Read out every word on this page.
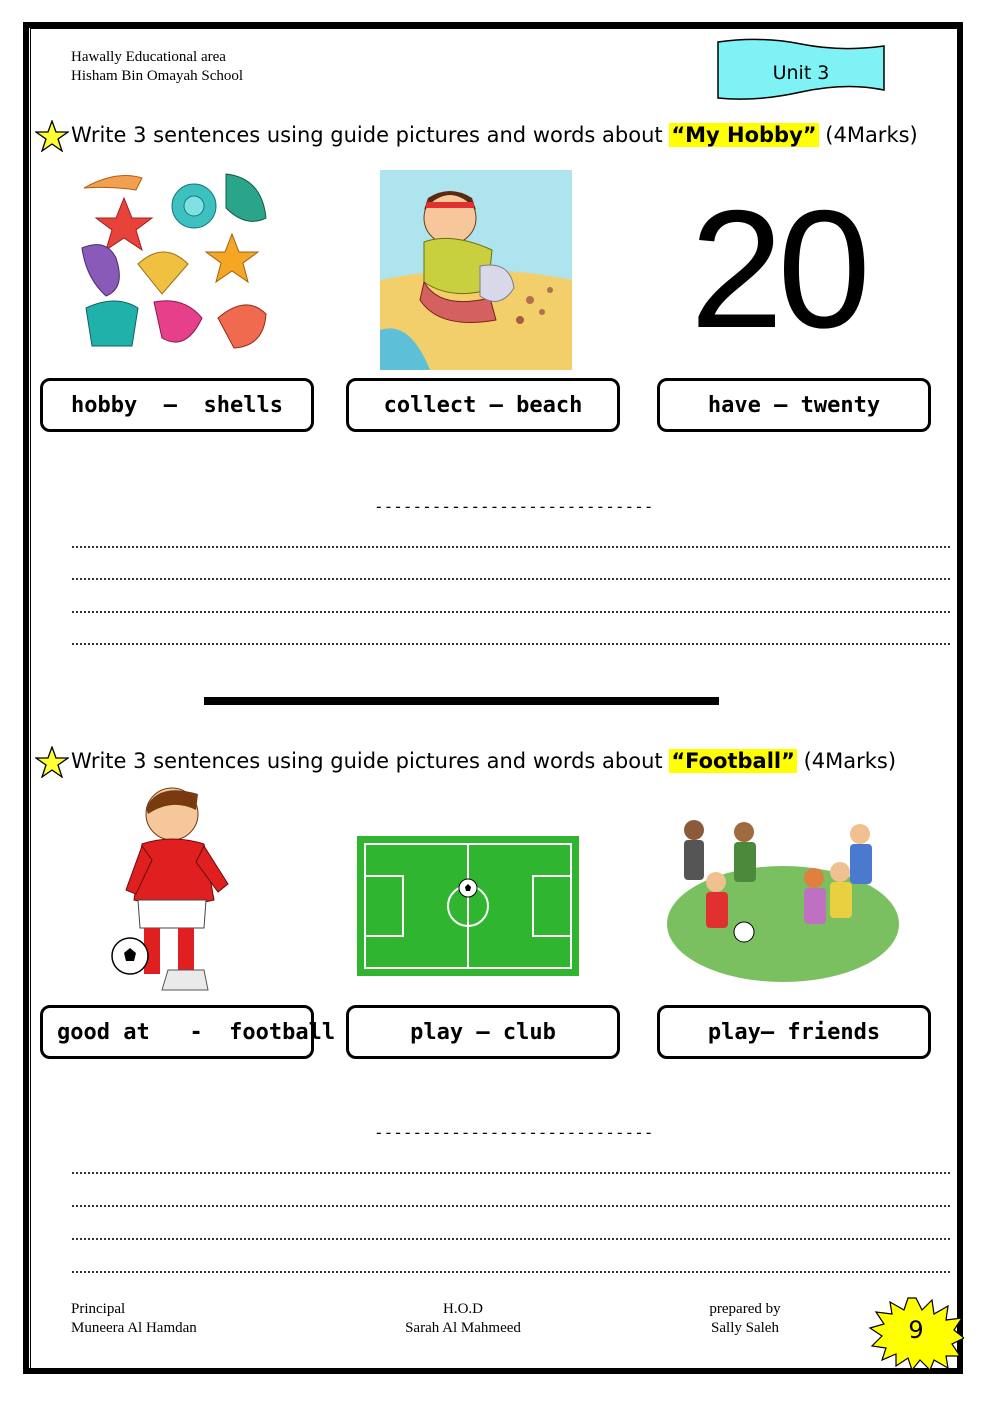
Hawally Educational area
Hisham Bin Omayah School	Unit 3
Write 3 sentences using guide pictures and words about “My Hobby” (4Marks)
20
hobby  –  shells	collect – beach	have – twenty
-----------------------------
Write 3 sentences using guide pictures and words about “Football” (4Marks)
good at   -  football	play – club	play– friends
-----------------------------
Principal
Muneera Al Hamdan
H.O.D
Sarah Al Mahmeed
prepared by
Sally Saleh	9
